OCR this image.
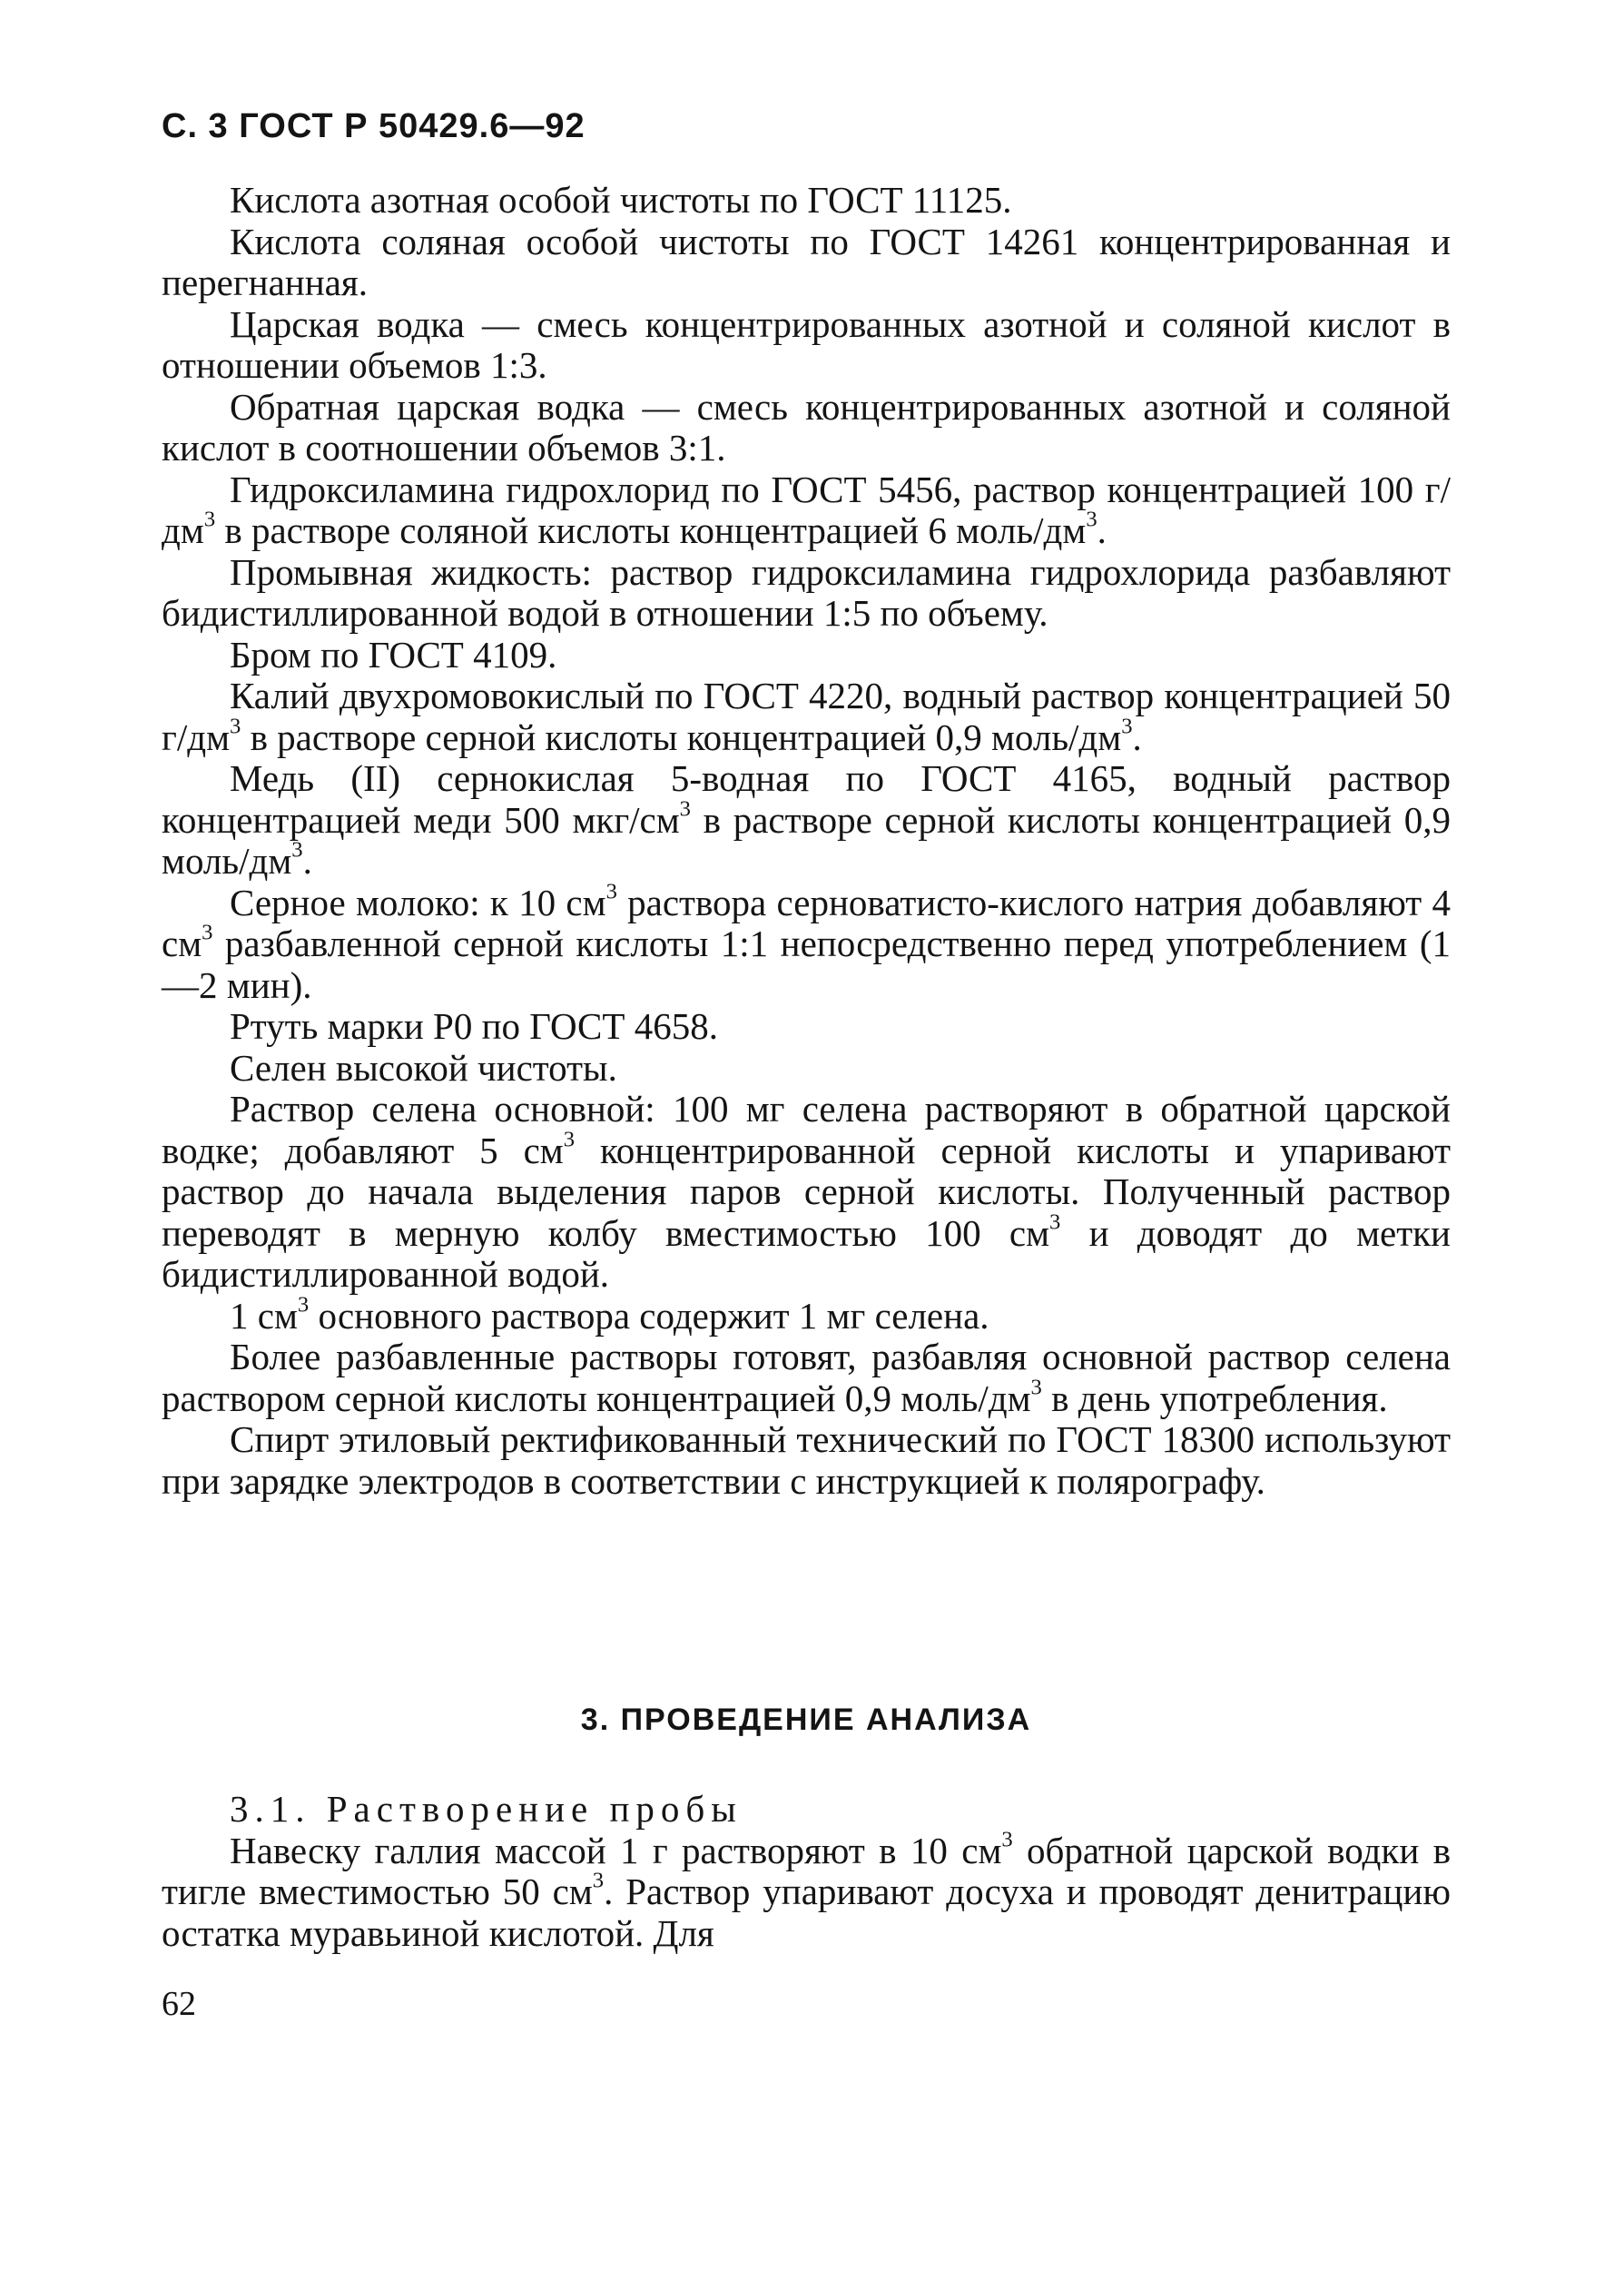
С. 3 ГОСТ Р 50429.6—92

Кислота азотная особой чистоты по ГОСТ 11125.

Кислота соляная особой чистоты по ГОСТ 14261 концентрированная и перегнанная.

Царская водка — смесь концентрированных азотной и соляной кислот в отношении объемов 1:3.

Обратная царская водка — смесь концентрированных азотной и соляной кислот в соотношении объемов 3:1.

Гидроксиламина гидрохлорид по ГОСТ 5456, раствор концентрацией 100 $г/дм^3$ в растворе соляной кислоты концентрацией 6 моль/$дм^3$.

Промывная жидкость: раствор гидроксиламина гидрохлорида разбавляют бидистиллированной водой в отношении 1:5 по объему.

Бром по ГОСТ 4109.

Калий двухромовокислый по ГОСТ 4220, водный раствор концентрацией 50 $г/дм^3$ в растворе серной кислоты концентрацией 0,9 моль/$дм^3$.

Медь (II) сернокислая 5-водная по ГОСТ 4165, водный раствор концентрацией меди 500 мкг/$см^3$ в растворе серной кислоты концентрацией 0,9 моль/$дм^3$.

Серное молоко: к 10 $см^3$ раствора серноватисто-кислого натрия добавляют 4 $см^3$ разбавленной серной кислоты 1:1 непосредственно перед употреблением (1—2 мин).

Ртуть марки Р0 по ГОСТ 4658.

Селен высокой чистоты.

Раствор селена основной: 100 мг селена растворяют в обратной царской водке; добавляют 5 $см^3$ концентрированной серной кислоты и упаривают раствор до начала выделения паров серной кислоты. Полученный раствор переводят в мерную колбу вместимостью 100 $см^3$ и доводят до метки бидистиллированной водой.

1 $см^3$ основного раствора содержит 1 мг селена.

Более разбавленные растворы готовят, разбавляя основной раствор селена раствором серной кислоты концентрацией 0,9 моль/$дм^3$ в день употребления.

Спирт этиловый ректификованный технический по ГОСТ 18300 используют при зарядке электродов в соответствии с инструкцией к полярографу.

3. ПРОВЕДЕНИЕ АНАЛИЗА

3.1. Растворение пробы

Навеску галлия массой 1 г растворяют в 10 $см^3$ обратной царской водки в тигле вместимостью 50 $см^3$. Раствор упаривают досуха и проводят денитрацию остатка муравьиной кислотой. Для

62
